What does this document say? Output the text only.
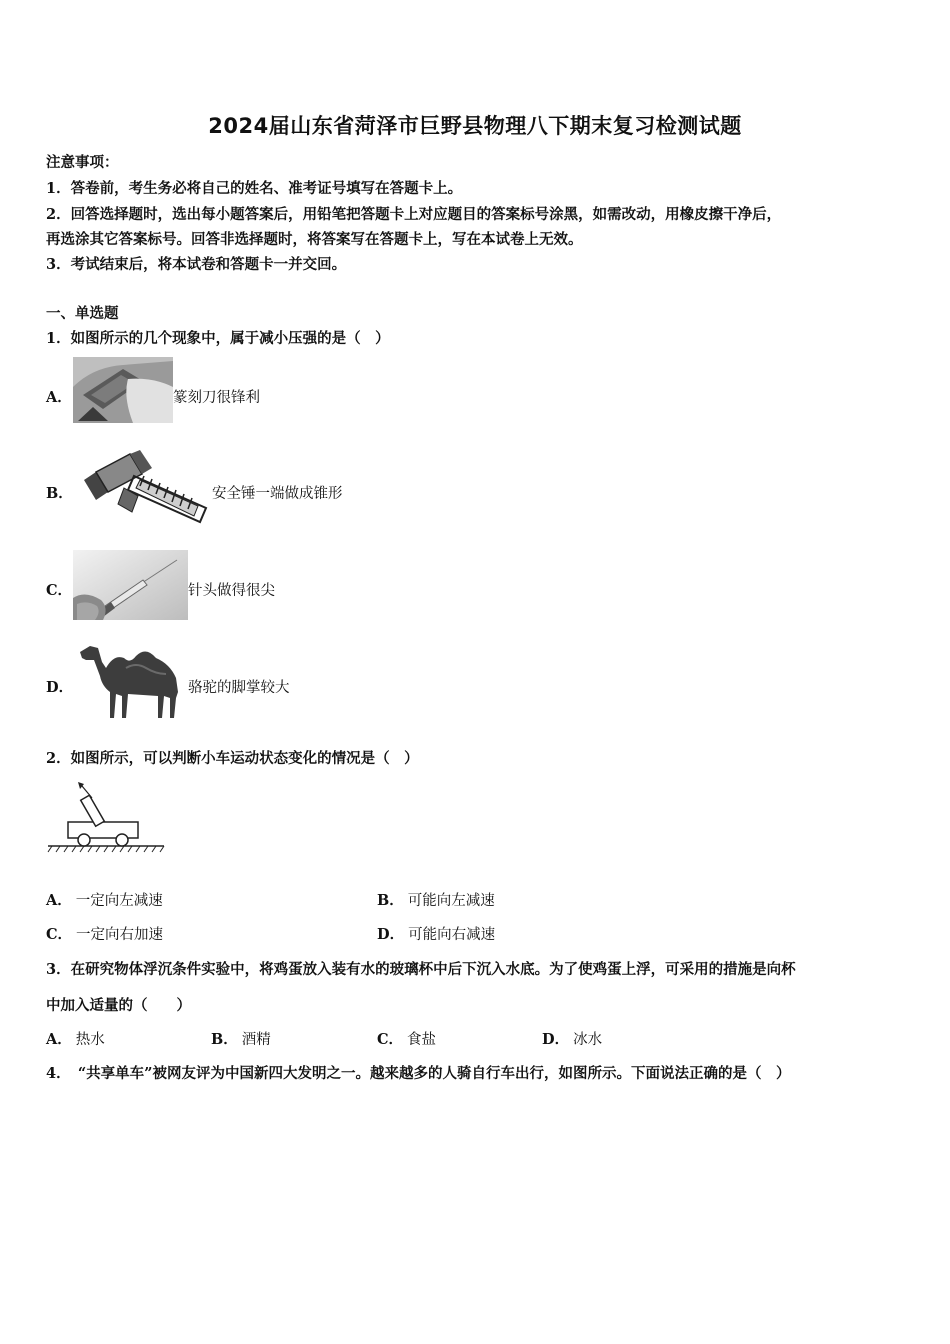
2024届山东省菏泽市巨野县物理八下期末复习检测试题
注意事项：
1．答卷前，考生务必将自己的姓名、准考证号填写在答题卡上。
2．回答选择题时，选出每小题答案后，用铅笔把答题卡上对应题目的答案标号涂黑，如需改动，用橡皮擦干净后，
再选涂其它答案标号。回答非选择题时，将答案写在答题卡上，写在本试卷上无效。
3．考试结束后，将本试卷和答题卡一并交回。
一、单选题
1．如图所示的几个现象中，属于减小压强的是（　）
A．	篆刻刀很锋利
B．	安全锤一端做成锥形
C．	针头做得很尖
D．	骆驼的脚掌较大
2．如图所示，可以判断小车运动状态变化的情况是（　）
A． 一定向左减速	B． 可能向左减速
C． 一定向右加速	D． 可能向右减速
3．在研究物体浮沉条件实验中，将鸡蛋放入装有水的玻璃杯中后下沉入水底。为了使鸡蛋上浮，可采用的措施是向杯
中加入适量的（　　）
A． 热水	B． 酒精	C． 食盐	D． 冰水
4．　“共享单车”被网友评为中国新四大发明之一。越来越多的人骑自行车出行，如图所示。下面说法正确的是（　）
